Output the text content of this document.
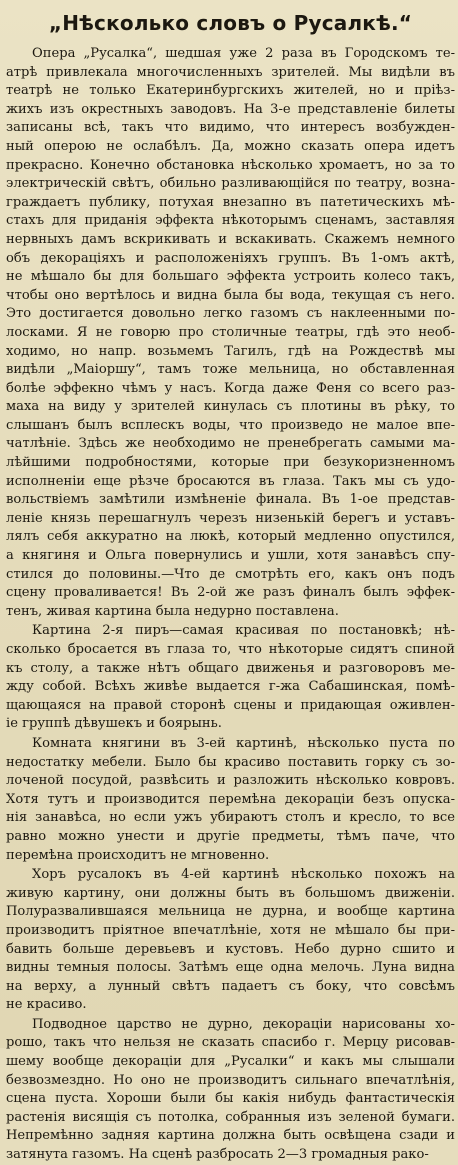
„Нѣсколько словъ о Русалкѣ.“
Опера „Русалка“, шедшая уже 2 раза въ Городскомъ те-
атрѣ привлекала многочисленныхъ зрителей. Мы видѣли въ
театрѣ не только Екатеринбургскихъ жителей, но и пріѣз-
жихъ изъ окрестныхъ заводовъ. На 3-е представленіе билеты
записаны всѣ, такъ что видимо, что интересъ возбужден-
ный оперою не ослабѣлъ. Да, можно сказать опера идетъ
прекрасно. Конечно обстановка нѣсколько хромаетъ, но за то
электрическій свѣтъ, обильно разливающійся по театру, возна-
граждаетъ публику, потухая внезапно въ патетическихъ мѣ-
стахъ для приданія эффекта нѣкоторымъ сценамъ, заставляя
нервныхъ дамъ вскрикивать и вскакивать. Скажемъ немного
объ декораціяхъ и расположеніяхъ группъ. Въ 1-омъ актѣ,
не мѣшало бы для большаго эффекта устроить колесо такъ,
чтобы оно вертѣлось и видна была бы вода, текущая съ него.
Это достигается довольно легко газомъ съ наклеенными по-
лосками. Я не говорю про столичные театры, гдѣ это необ-
ходимо, но напр. возьмемъ Тагилъ, гдѣ на Рождествѣ мы
видѣли „Маіоршу“, тамъ тоже мельница, но обставленная
болѣе эффекно чѣмъ у насъ. Когда даже Феня со всего раз-
маха на виду у зрителей кинулась съ плотины въ рѣку, то
слышанъ былъ всплескъ воды, что произведо не малое впе-
чатлѣніе. Здѣсь же необходимо не пренебрегать самыми ма-
лѣйшими подробностями, которые при безукоризненномъ
исполненіи еще рѣзче бросаются въ глаза. Такъ мы съ удо-
вольствіемъ замѣтили измѣненіе финала. Въ 1-ое представ-
леніе князь перешагнулъ черезъ низенькій берегъ и уставъ-
лялъ себя аккуратно на люкѣ, который медленно опустился,
а княгиня и Ольга повернулись и ушли, хотя занавѣсъ спу-
стился до половины.—Что де смотрѣть его, какъ онъ подъ
сцену проваливается! Въ 2-ой же разъ финалъ былъ эффек-
тенъ, живая картина была недурно поставлена.
Картина 2-я пиръ—самая красивая по постановкѣ; нѣ-
сколько бросается въ глаза то, что нѣкоторые сидятъ спиной
къ столу, а также нѣтъ общаго движенья и разговоровъ ме-
жду собой. Всѣхъ живѣе выдается г-жа Сабашинская, помѣ-
щающаяся на правой сторонѣ сцены и придающая оживлен-
іе группѣ дѣвушекъ и боярынь.
Комната княгини въ 3-ей картинѣ, нѣсколько пуста по
недостатку мебели. Было бы красиво поставить горку съ зо-
лоченой посудой, развѣсить и разложить нѣсколько ковровъ.
Хотя тутъ и производится перемѣна декораціи безъ опуска-
нія занавѣса, но если ужъ убираютъ столъ и кресло, то все
равно можно унести и другіе предметы, тѣмъ паче, что
перемѣна происходитъ не мгновенно.
Хоръ русалокъ въ 4-ей картинѣ нѣсколько похожъ на
живую картину, они должны быть въ большомъ движеніи.
Полуразвалившаяся мельница не дурна, и вообще картина
производитъ пріятное впечатлѣніе, хотя не мѣшало бы при-
бавить больше деревьевъ и кустовъ. Небо дурно сшито и
видны темныя полосы. Затѣмъ еще одна мелочь. Луна видна
на верху, а лунный свѣтъ падаетъ съ боку, что совсѣмъ
не красиво.
Подводное царство не дурно, декораціи нарисованы хо-
рошо, такъ что нельзя не сказать спасибо г. Мерцу рисовав-
шему вообще декораціи для „Русалки“ и какъ мы слышали
безвозмездно. Но оно не производитъ сильнаго впечатлѣнія,
сцена пуста. Хороши были бы какія нибудь фантастическія
растенія висящія съ потолка, собранныя изъ зеленой бумаги.
Непремѣнно задняя картина должна быть освѣщена сзади и
затянута газомъ. На сценѣ разбросать 2—3 громадныя рако-
